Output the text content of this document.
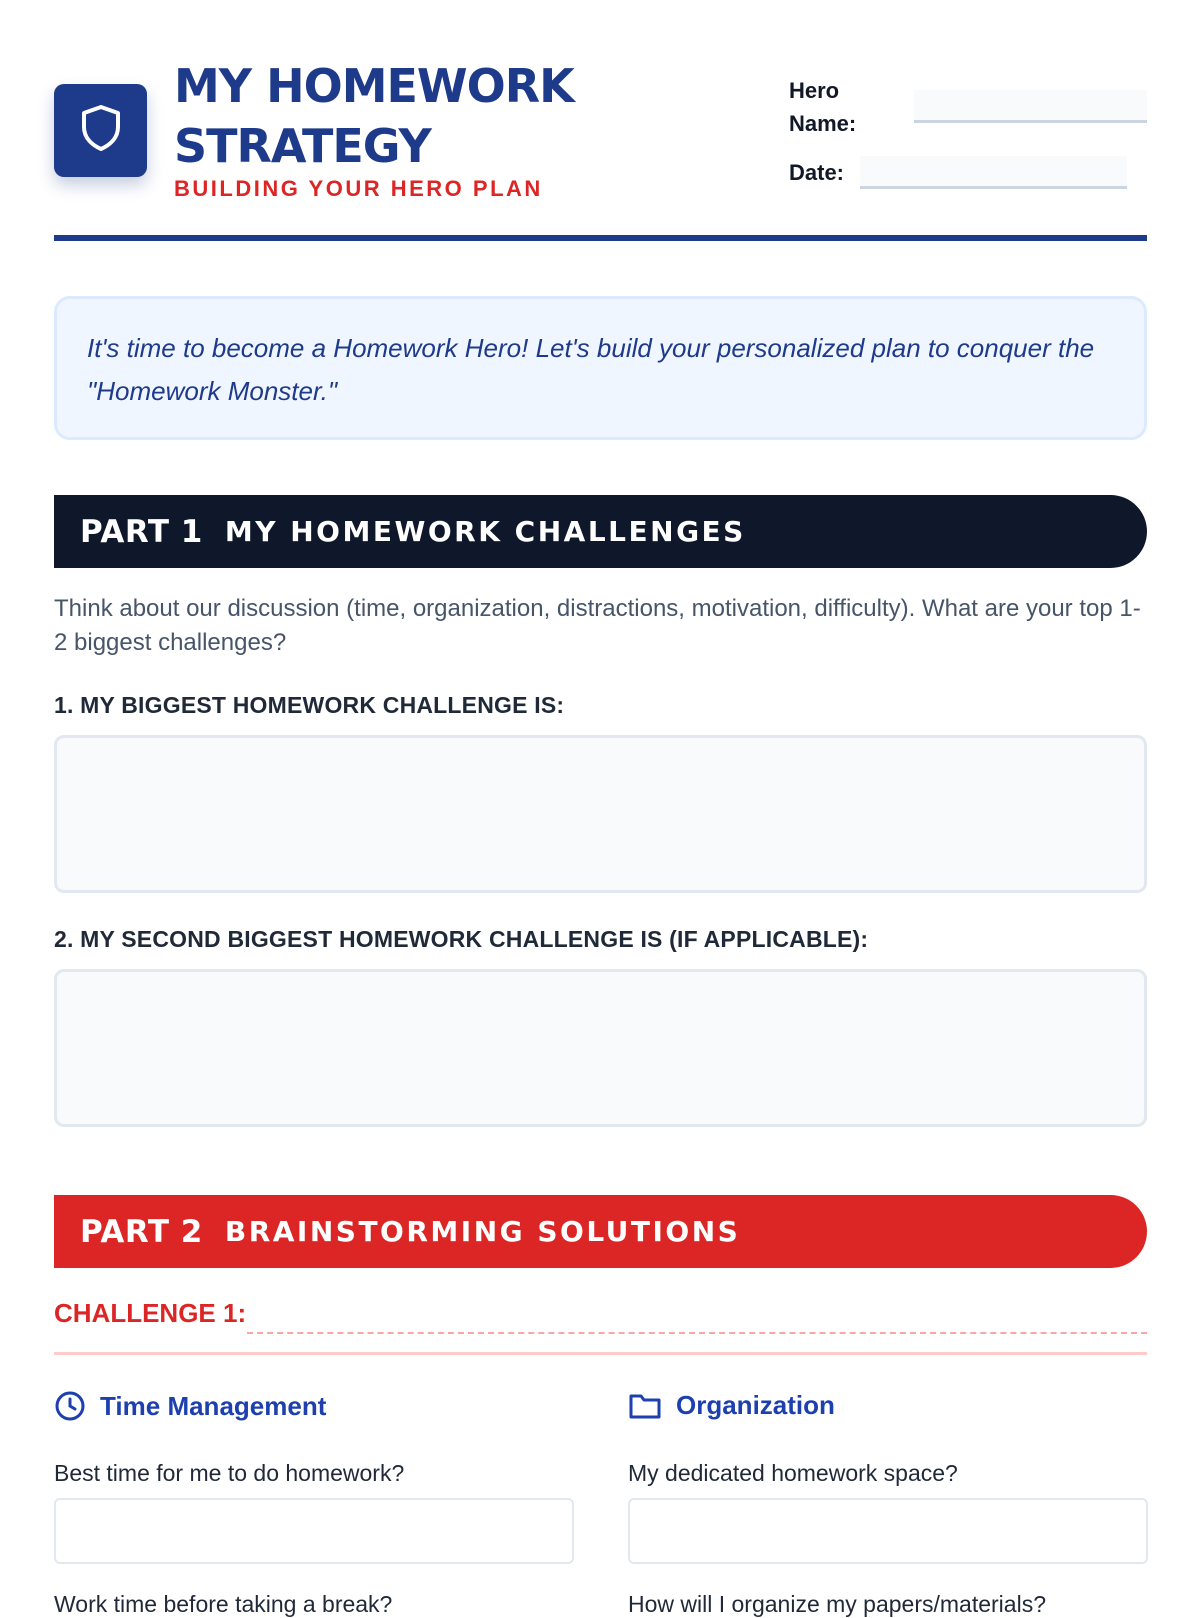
MY HOMEWORK STRATEGY
BUILDING YOUR HERO PLAN
Hero Name:
Date:
It's time to become a Homework Hero! Let's build your personalized plan to conquer the "Homework Monster."
PART 1 MY HOMEWORK CHALLENGES
Think about our discussion (time, organization, distractions, motivation, difficulty). What are your top 1-2 biggest challenges?
1. MY BIGGEST HOMEWORK CHALLENGE IS:
2. MY SECOND BIGGEST HOMEWORK CHALLENGE IS (IF APPLICABLE):
PART 2 BRAINSTORMING SOLUTIONS
CHALLENGE 1:
Time Management	Organization
Best time for me to do homework?	My dedicated homework space?
Work time before taking a break?	How will I organize my papers/materials?
